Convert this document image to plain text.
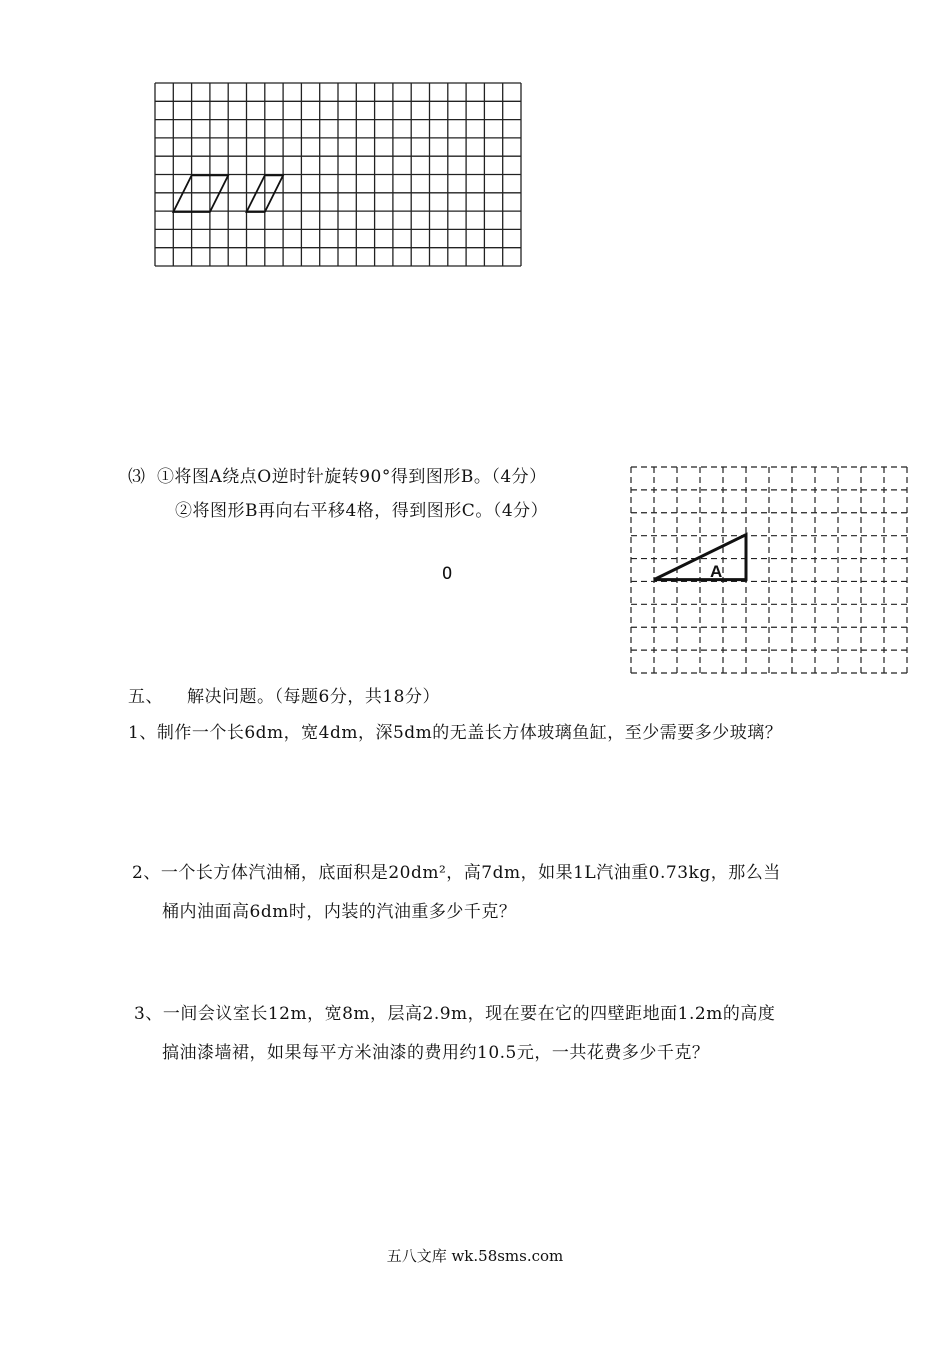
⑶ ①将图A绕点O逆时针旋转90°得到图形B。（4分）
②将图形B再向右平移4格，得到图形C。（4分）
O	A
五、 解决问题。（每题6分，共18分）
1、制作一个长6dm，宽4dm，深5dm的无盖长方体玻璃鱼缸，至少需要多少玻璃？
2、一个长方体汽油桶，底面积是20dm²，高7dm，如果1L汽油重0.73kg，那么当
桶内油面高6dm时，内装的汽油重多少千克？
3、一间会议室长12m，宽8m，层高2.9m，现在要在它的四壁距地面1.2m的高度
搞油漆墙裙，如果每平方米油漆的费用约10.5元，一共花费多少千克？
五八文库 wk.58sms.com
